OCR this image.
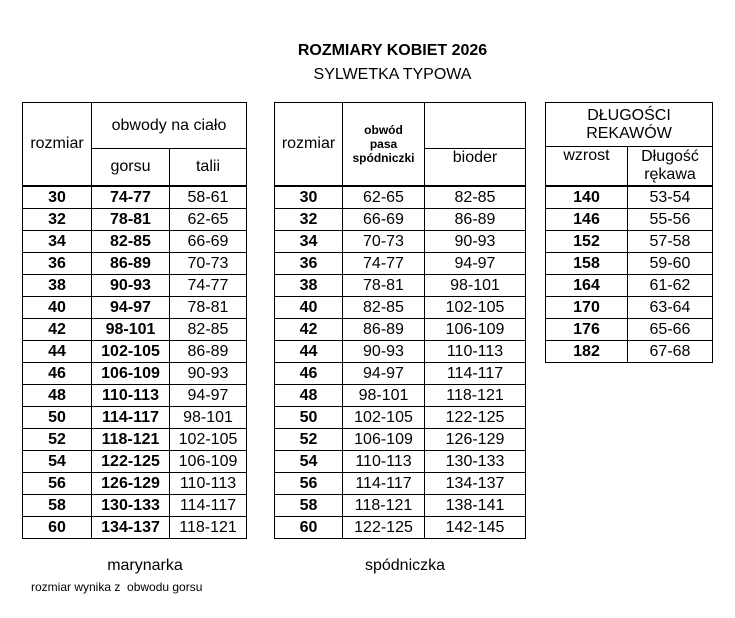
ROZMIARY KOBIET 2026
SYLWETKA TYPOWA
rozmiar	obwody na ciało	
	gorsu	talii
30	74-77	58-61
32	78-81	62-65
34	82-85	66-69
36	86-89	70-73
38	90-93	74-77
40	94-97	78-81
42	98-101	82-85
44	102-105	86-89
46	106-109	90-93
48	110-113	94-97
50	114-117	98-101
52	118-121	102-105
54	122-125	106-109
56	126-129	110-113
58	130-133	114-117
60	134-137	118-121
rozmiar	obwód
pasa
spódniczki	
		bioder
30	62-65	82-85
32	66-69	86-89
34	70-73	90-93
36	74-77	94-97
38	78-81	98-101
40	82-85	102-105
42	86-89	106-109
44	90-93	110-113
46	94-97	114-117
48	98-101	118-121
50	102-105	122-125
52	106-109	126-129
54	110-113	130-133
56	114-117	134-137
58	118-121	138-141
60	122-125	142-145
DŁUGOŚCI
REKAWÓW	
wzrost	Długość
rękawa
140	53-54
146	55-56
152	57-58
158	59-60
164	61-62
170	63-64
176	65-66
182	67-68
marynarka
rozmiar wynika z  obwodu gorsu
spódniczka
